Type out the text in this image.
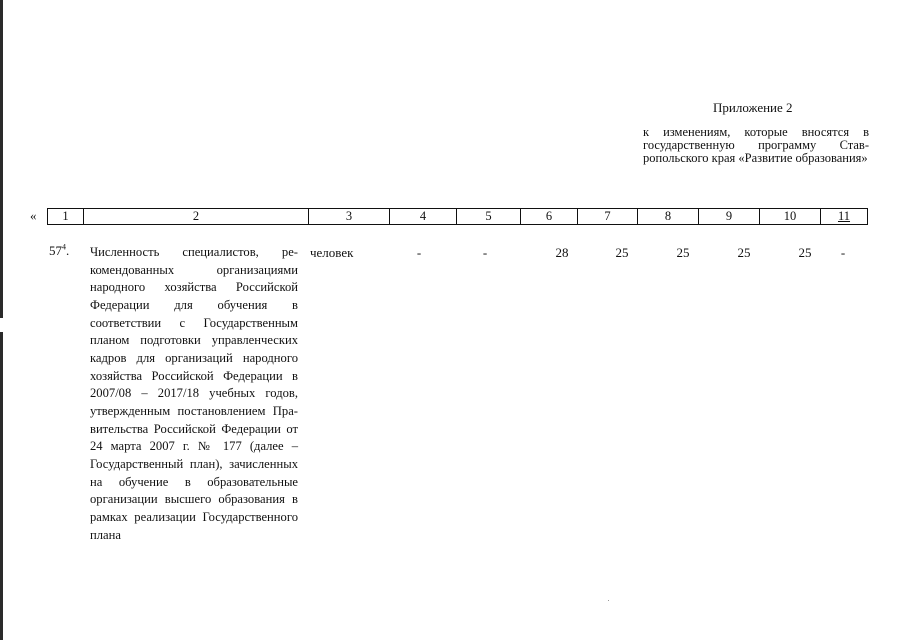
Приложение 2
к изменениям, которые вносятся в государственную программу Ставропольского края «Развитие образования»
« 1	2	3	4	5	6	7	8	9	10	11
$57^4$. Численность специалистов, рекомендованных организациями народного хозяйства Российской Федерации для обучения в соответствии с Государственным планом подготовки управленческих кадров для организаций народного хозяйства Российской Федерации в 2007/08 – 2017/18 учебных годов, утвержденным постановлением Правительства Российской Федерации от 24 марта 2007 г. № 177 (далее – Государственный план), зачисленных на обучение в образовательные организации высшего образования в рамках реализации Государственного плана
человек	-	-	28	25	25	25	25	-
